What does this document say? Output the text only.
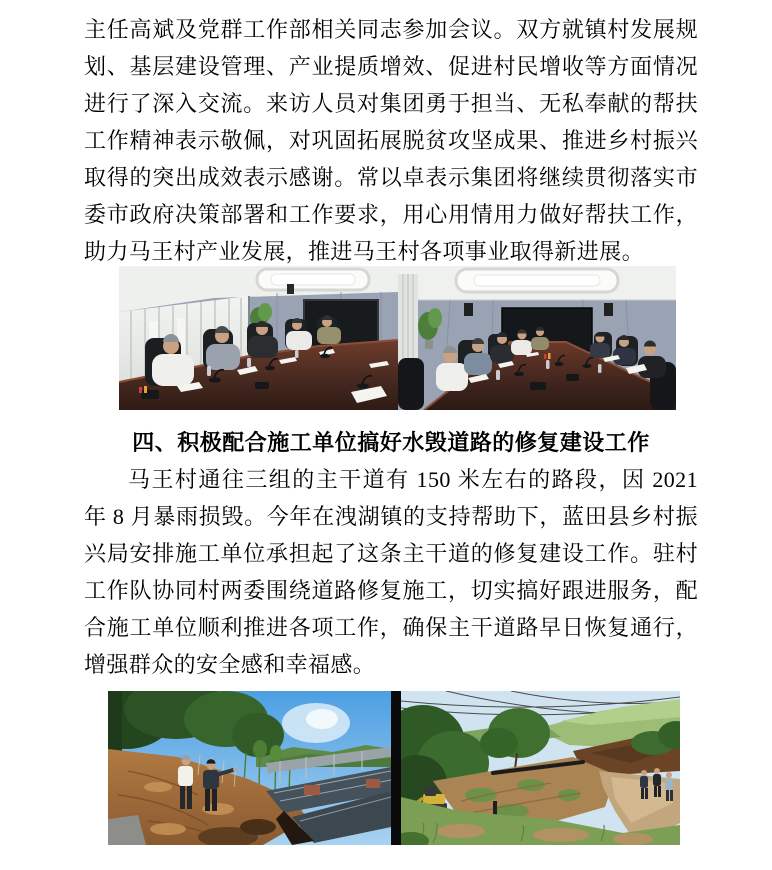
主任高斌及党群工作部相关同志参加会议。双方就镇村发展规划、基层建设管理、产业提质增效、促进村民增收等方面情况进行了深入交流。来访人员对集团勇于担当、无私奉献的帮扶工作精神表示敬佩，对巩固拓展脱贫攻坚成果、推进乡村振兴取得的突出成效表示感谢。常以卓表示集团将继续贯彻落实市委市政府决策部署和工作要求，用心用情用力做好帮扶工作，助力马王村产业发展，推进马王村各项事业取得新进展。

四、积极配合施工单位搞好水毁道路的修复建设工作

马王村通往三组的主干道有 150 米左右的路段，因 2021 年 8 月暴雨损毁。今年在洩湖镇的支持帮助下，蓝田县乡村振兴局安排施工单位承担起了这条主干道的修复建设工作。驻村工作队协同村两委围绕道路修复施工，切实搞好跟进服务，配合施工单位顺利推进各项工作，确保主干道路早日恢复通行，增强群众的安全感和幸福感。
